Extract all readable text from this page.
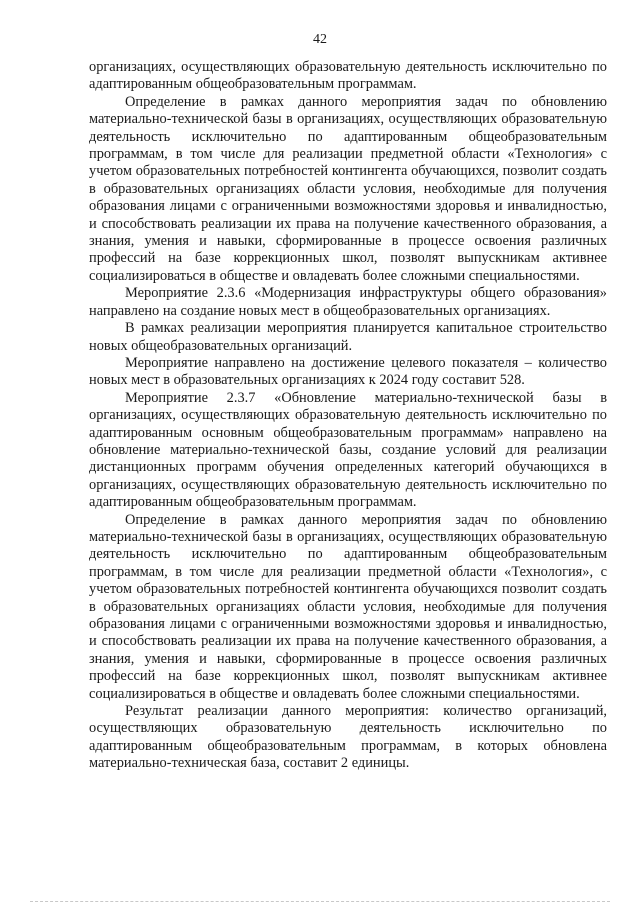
42

организациях, осуществляющих образовательную деятельность исключительно по адаптированным общеобразовательным программам.

Определение в рамках данного мероприятия задач по обновлению материально-технической базы в организациях, осуществляющих образовательную деятельность исключительно по адаптированным общеобразовательным программам, в том числе для реализации предметной области «Технология» с учетом образовательных потребностей контингента обучающихся, позволит создать в образовательных организациях области условия, необходимые для получения образования лицами с ограниченными возможностями здоровья и инвалидностью, и способствовать реализации их права на получение качественного образования, а знания, умения и навыки, сформированные в процессе освоения различных профессий на базе коррекционных школ, позволят выпускникам активнее социализироваться в обществе и овладевать более сложными специальностями.

Мероприятие 2.3.6 «Модернизация инфраструктуры общего образования» направлено на создание новых мест в общеобразовательных организациях.

В рамках реализации мероприятия планируется капитальное строительство новых общеобразовательных организаций.

Мероприятие направлено на достижение целевого показателя – количество новых мест в образовательных организациях к 2024 году составит 528.

Мероприятие 2.3.7 «Обновление материально-технической базы в организациях, осуществляющих образовательную деятельность исключительно по адаптированным основным общеобразовательным программам» направлено на обновление материально-технической базы, создание условий для реализации дистанционных программ обучения определенных категорий обучающихся в организациях, осуществляющих образовательную деятельность исключительно по адаптированным общеобразовательным программам.

Определение в рамках данного мероприятия задач по обновлению материально-технической базы в организациях, осуществляющих образовательную деятельность исключительно по адаптированным общеобразовательным программам, в том числе для реализации предметной области «Технология», с учетом образовательных потребностей контингента обучающихся позволит создать в образовательных организациях области условия, необходимые для получения образования лицами с ограниченными возможностями здоровья и инвалидностью, и способствовать реализации их права на получение качественного образования, а знания, умения и навыки, сформированные в процессе освоения различных профессий на базе коррекционных школ, позволят выпускникам активнее социализироваться в обществе и овладевать более сложными специальностями.

Результат реализации данного мероприятия: количество организаций, осуществляющих образовательную деятельность исключительно по адаптированным общеобразовательным программам, в которых обновлена материально-техническая база, составит 2 единицы.
